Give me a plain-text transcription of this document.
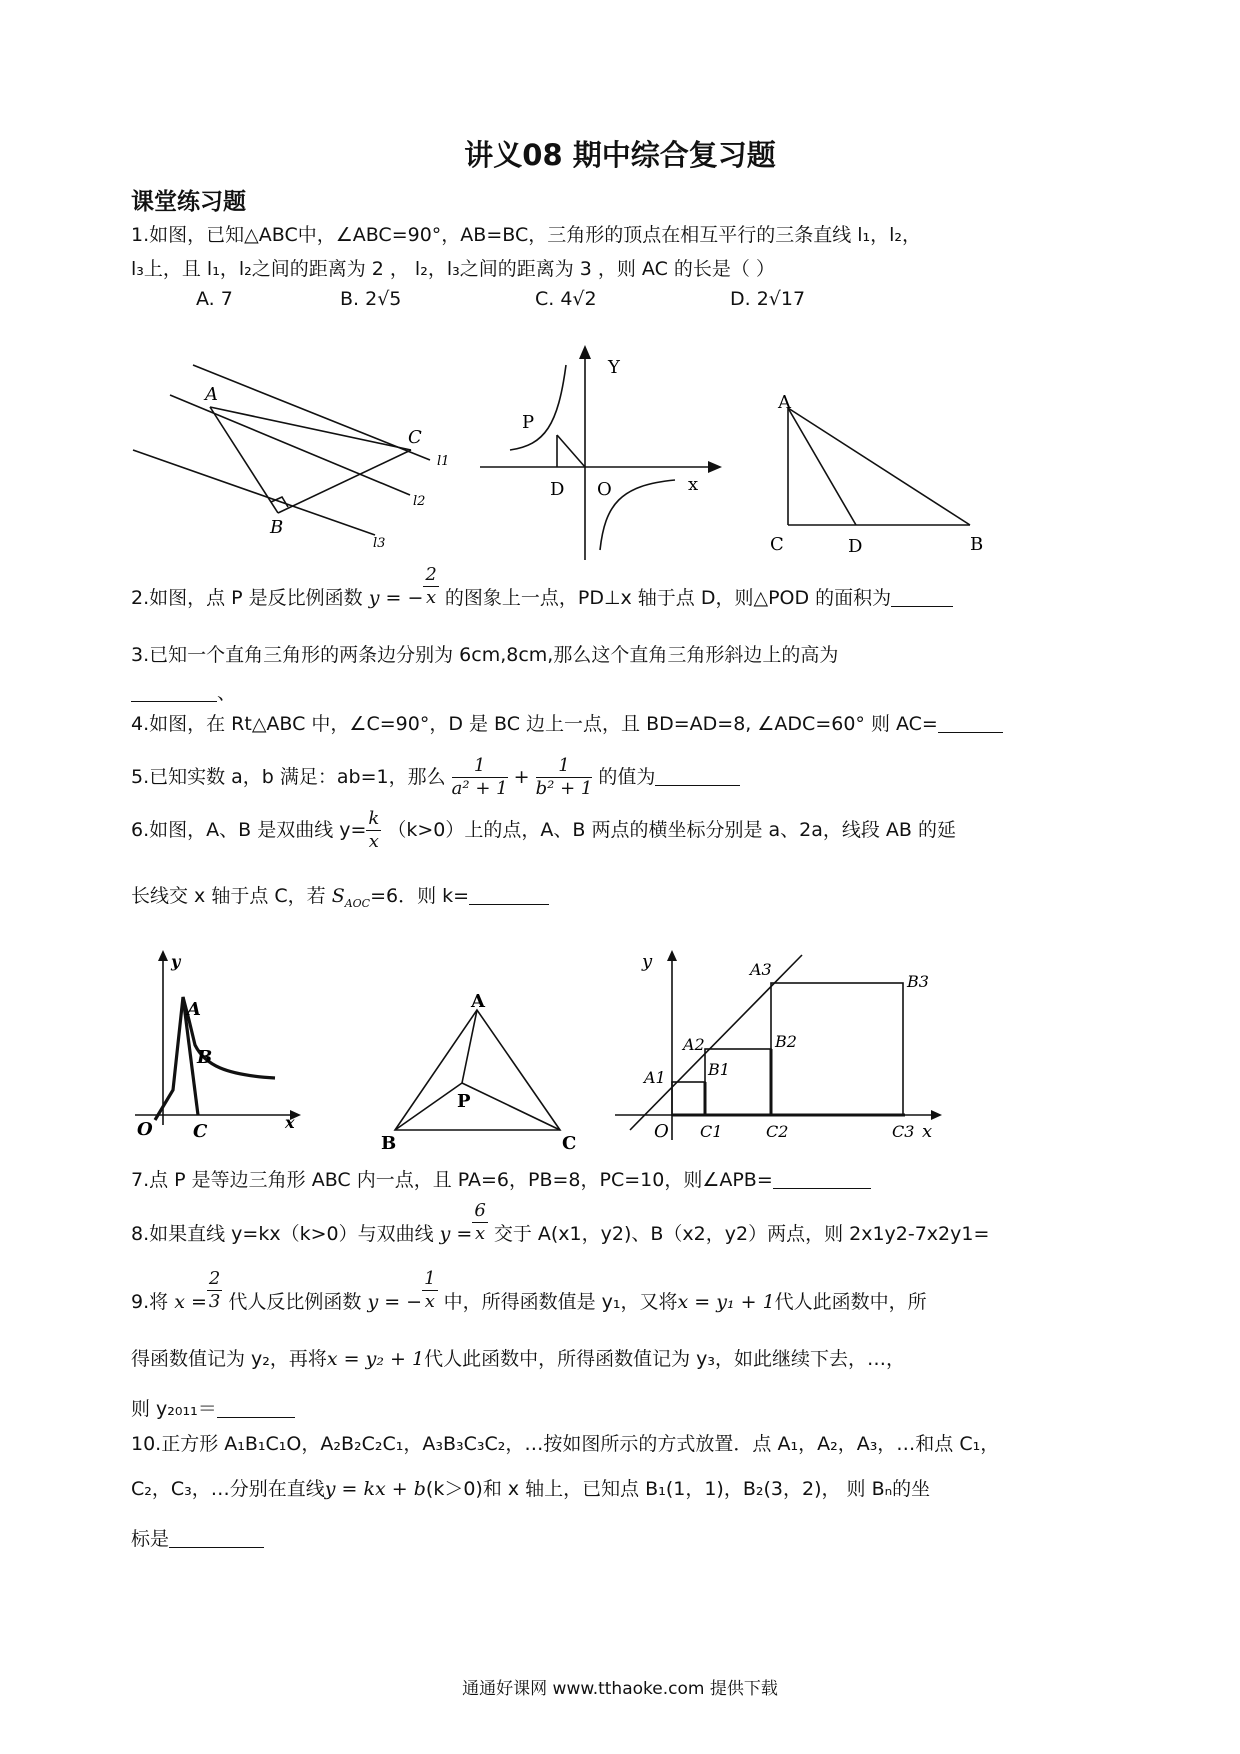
讲义08 期中综合复习题
课堂练习题
1.如图，已知△ABC中，∠ABC=90°，AB=BC，三角形的顶点在相互平行的三条直线 l₁，l₂，
l₃上，且 l₁，l₂之间的距离为 2 ， l₂，l₃之间的距离为 3 ，则 AC 的长是（ ）
A. 7	B. 2√5	C. 4√2	D. 2√17
A
B
C
l1
l2
l3
Y
x
P
D O
A
C	D	B
2.如图，点 P 是反比例函数 y = − $\frac{2}{x}$ 的图象上一点，PD⊥x 轴于点 D，则△POD 的面积为
3.已知一个直角三角形的两条边分别为 6cm,8cm,那么这个直角三角形斜边上的高为
、
4.如图，在 Rt△ABC 中，∠C=90°，D 是 BC 边上一点，且 BD=AD=8, ∠ADC=60° 则 AC=
5.已知实数 a，b 满足：ab=1，那么 $\frac{1}{\text{a² + 1}} + \frac{1}{\text{b² + 1}}$ 的值为
6.如图，A、B 是双曲线 $y= \frac{k}{x} (k>0)$上的点，A、B 两点的横坐标分别是 a、2a，线段 AB 的延
长线交 x 轴于点 C，若 $S_{AOC}=6$．则 k=
y
x
O
A
B
C
A
B	C
P
y
x
O
A1
A2
A3
B1
B2
B3
C1	C2	C3
7.点 P 是等边三角形 ABC 内一点，且 PA=6，PB=8，PC=10，则∠APB=
8.如果直线 y=kx（k>0）与双曲线 $y = \frac{6}{x}$ 交于 A(x1，y2)、B（x2，y2）两点，则 2x1y2-7x2y1=
9.将 $x = \frac{2}{3}$ 代人反比例函数 y = − $\frac{1}{x}$ 中，所得函数值是 y₁，又将x = y₁ + 1代人此函数中，所
得函数值记为 y₂，再将x = y₂ + 1代人此函数中，所得函数值记为 y₃，如此继续下去，…，
则 y₂₀₁₁＝
10.正方形 A₁B₁C₁O，A₂B₂C₂C₁，A₃B₃C₃C₂，…按如图所示的方式放置．点 A₁，A₂，A₃，…和点 C₁，
C₂，C₃，…分别在直线y = kx + b(k＞0)和 x 轴上，已知点 B₁(1，1)，B₂(3，2)， 则 Bₙ的坐
标是
通通好课网 www.tthaoke.com 提供下载
